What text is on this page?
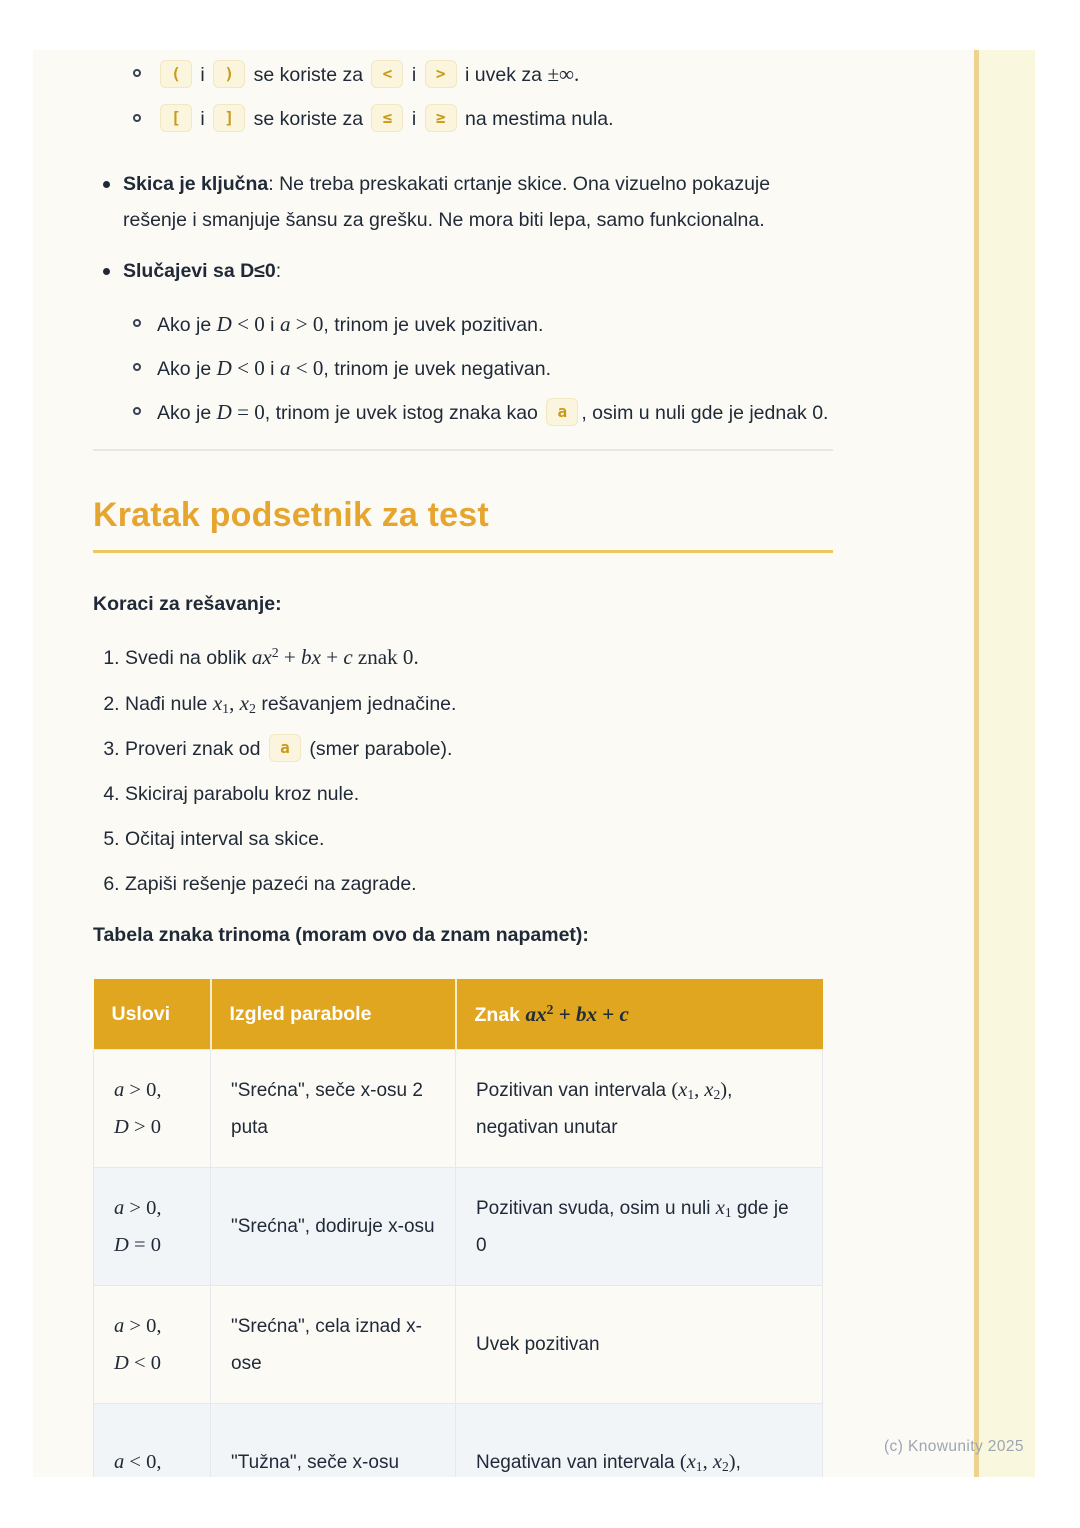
( i ) se koriste za < i > i uvek za ±∞.
[ i ] se koriste za ≤ i ≥ na mestima nula.
Skica je ključna: Ne treba preskakati crtanje skice. Ona vizuelno pokazuje rešenje i smanjuje šansu za grešku. Ne mora biti lepa, samo funkcionalna.
Slučajevi sa D≤0:
Ako je D < 0 i a > 0, trinom je uvek pozitivan.
Ako je D < 0 i a < 0, trinom je uvek negativan.
Ako je D = 0, trinom je uvek istog znaka kao a , osim u nuli gde je jednak 0.
Kratak podsetnik za test

Koraci za rešavanje:

1. Svedi na oblik $ax^2$ + bx + c znak 0.
2. Nađi nule $x_1$, $x_2$ rešavanjem jednačine.
3. Proveri znak od a (smer parabole).
4. Skiciraj parabolu kroz nule.
5. Očitaj interval sa skice.
6. Zapiši rešenje pazeći na zagrade.

Tabela znaka trinoma (moram ovo da znam napamet):

Uslovi	Izgled parabole	Znak $ax^2$ + bx + c
a > 0,
D > 0	"Srećna", seče x-osu 2 puta	Pozitivan van intervala ($x_1$, $x_2$), negativan unutar
a > 0,
D = 0	"Srećna", dodiruje x-osu	Pozitivan svuda, osim u nuli $x_1$ gde je 0
a > 0,
D < 0	"Srećna", cela iznad x-ose	Uvek pozitivan
a < 0,	"Tužna", seče x-osu	Negativan van intervala ($x_1$, $x_2$),
(c) Knowunity 2025
